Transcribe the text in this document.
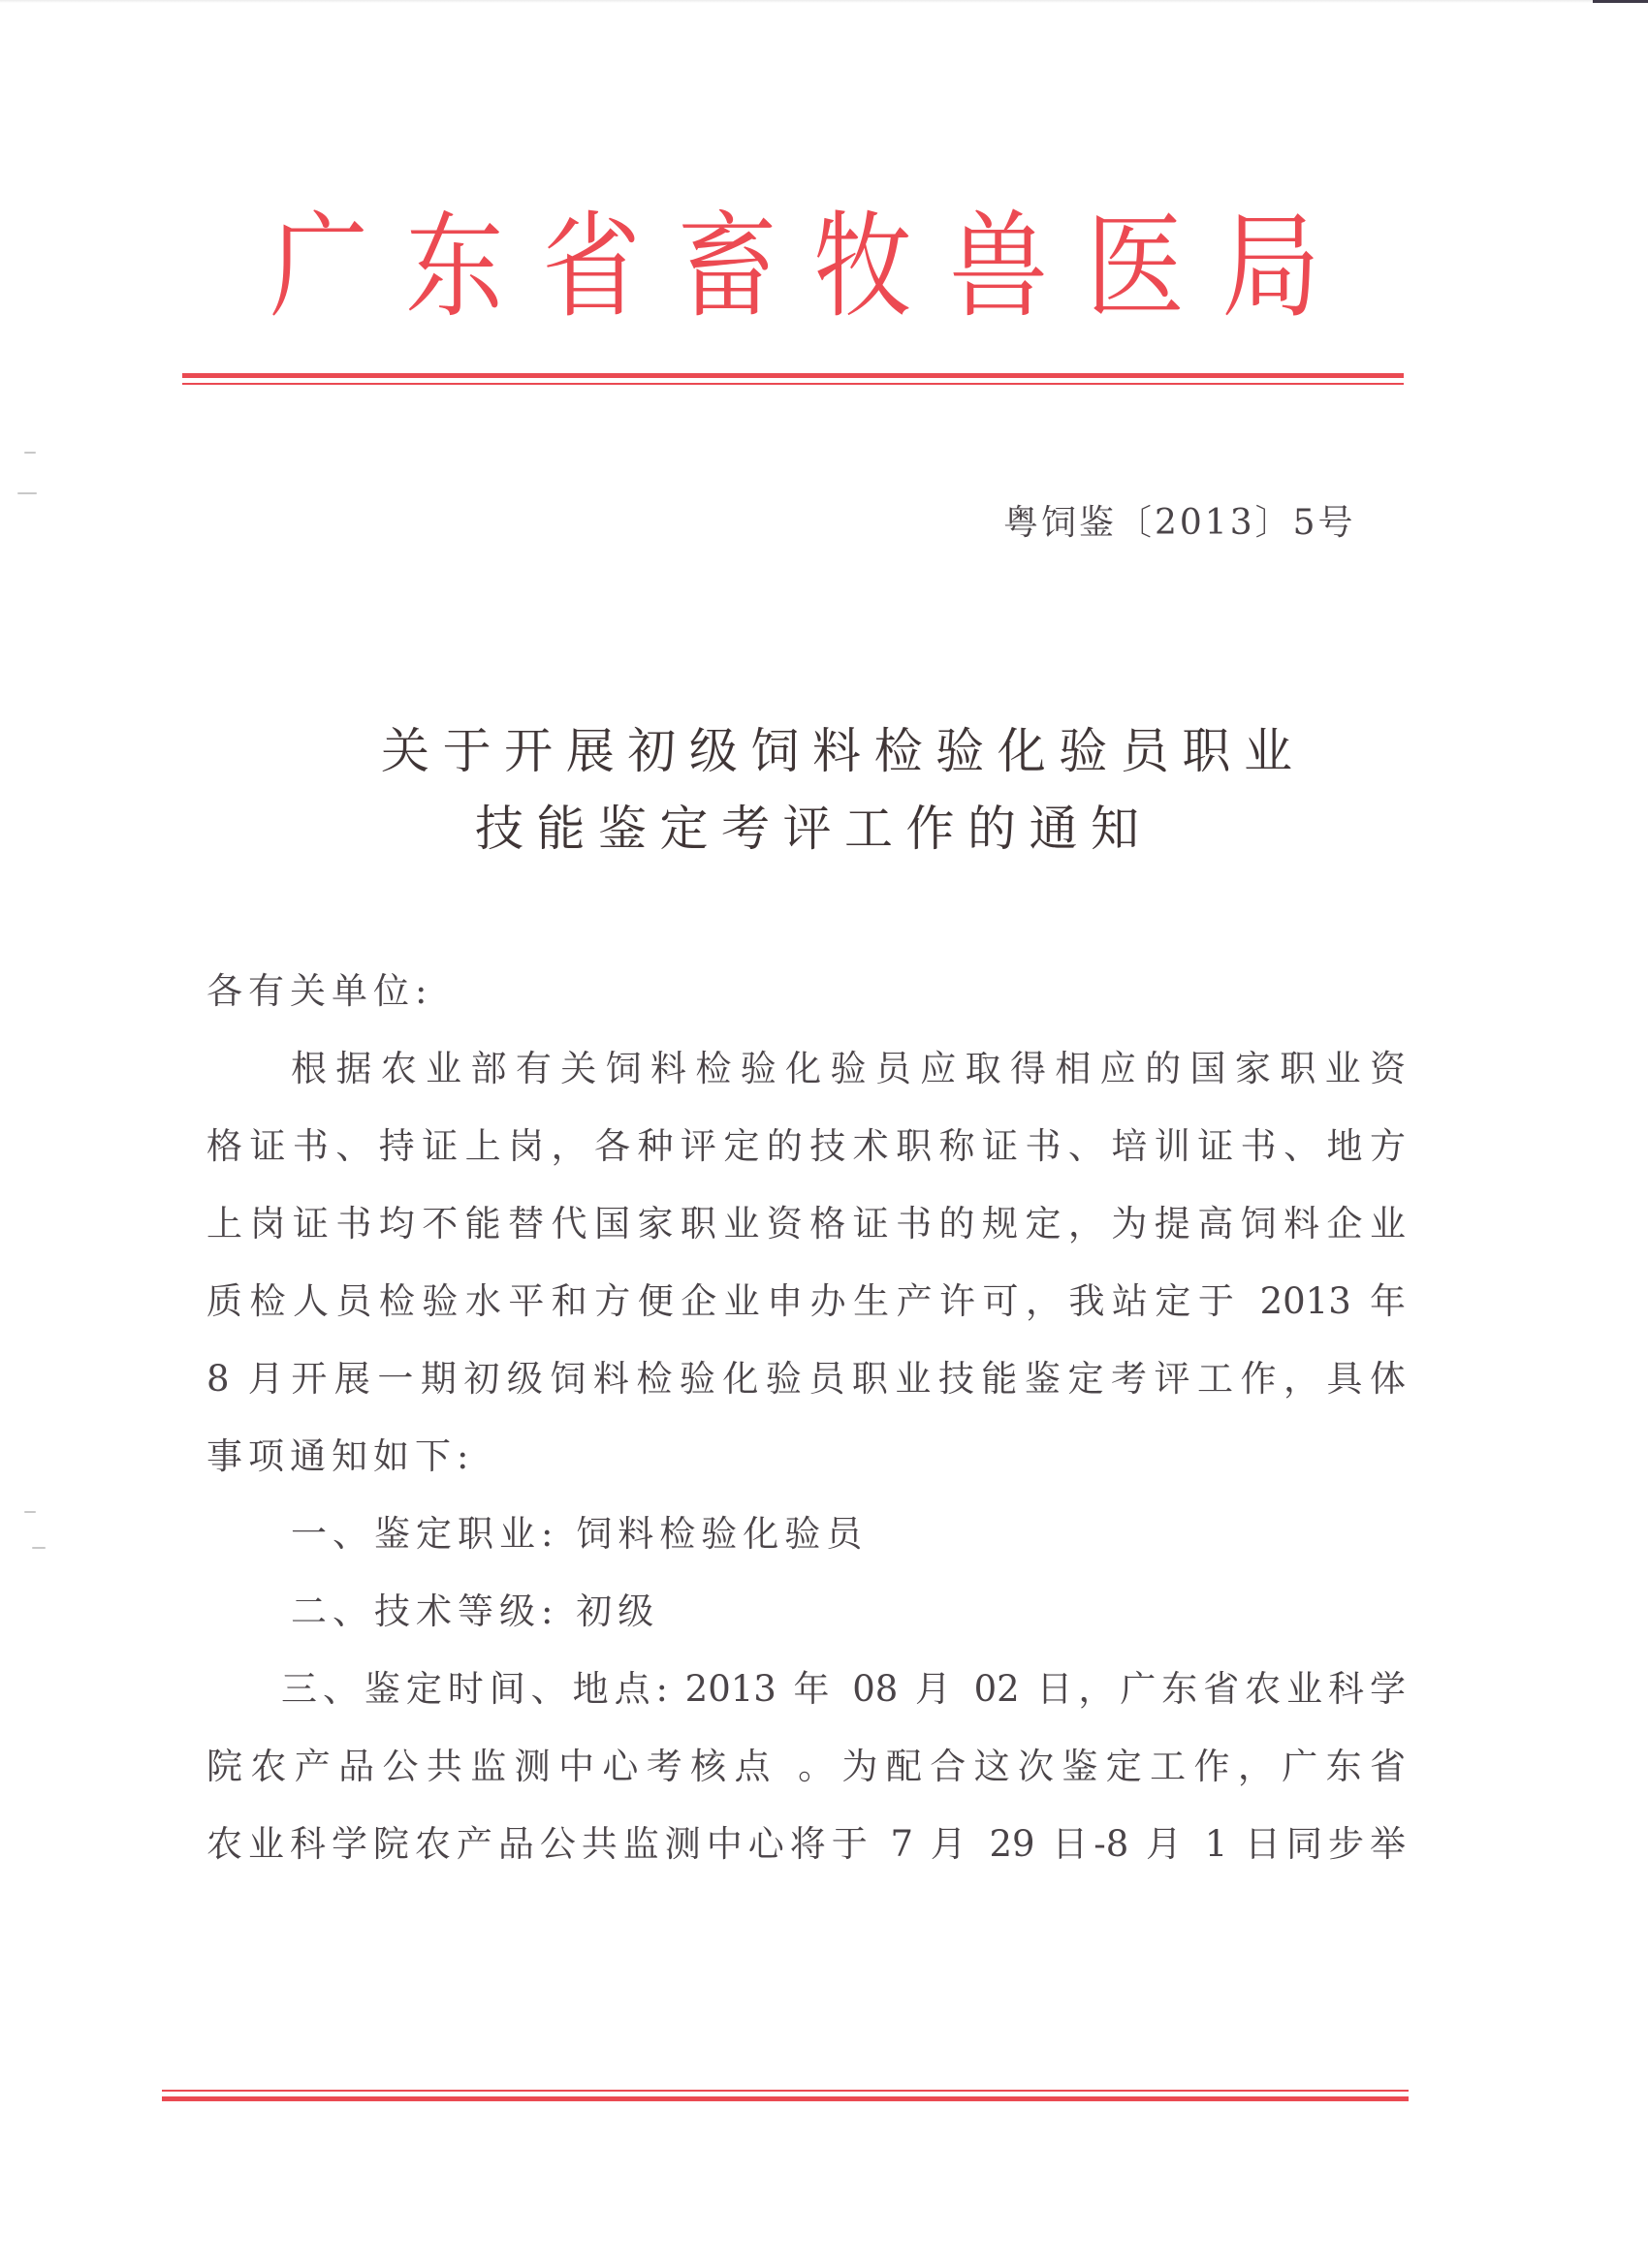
广 东 省 畜 牧 兽 医 局
粤饲鉴〔2013〕5号
关于开展初级饲料检验化验员职业
技能鉴定考评工作的通知
各有关单位:
根据农业部有关饲料检验化验员应取得相应的国家职业资
格证书、持证上岗，各种评定的技术职称证书、培训证书、地方
上岗证书均不能替代国家职业资格证书的规定，为提高饲料企业
质检人员检验水平和方便企业申办生产许可，我站定于 2013 年
8 月开展一期初级饲料检验化验员职业技能鉴定考评工作，具体
事项通知如下:
一、鉴定职业: 饲料检验化验员
二、技术等级: 初级
三、鉴定时间、地点: 2013 年 08 月 02 日，广东省农业科学
院农产品公共监测中心考核点 。为配合这次鉴定工作，广东省
农业科学院农产品公共监测中心将于 7 月 29 日-8 月 1 日同步举
